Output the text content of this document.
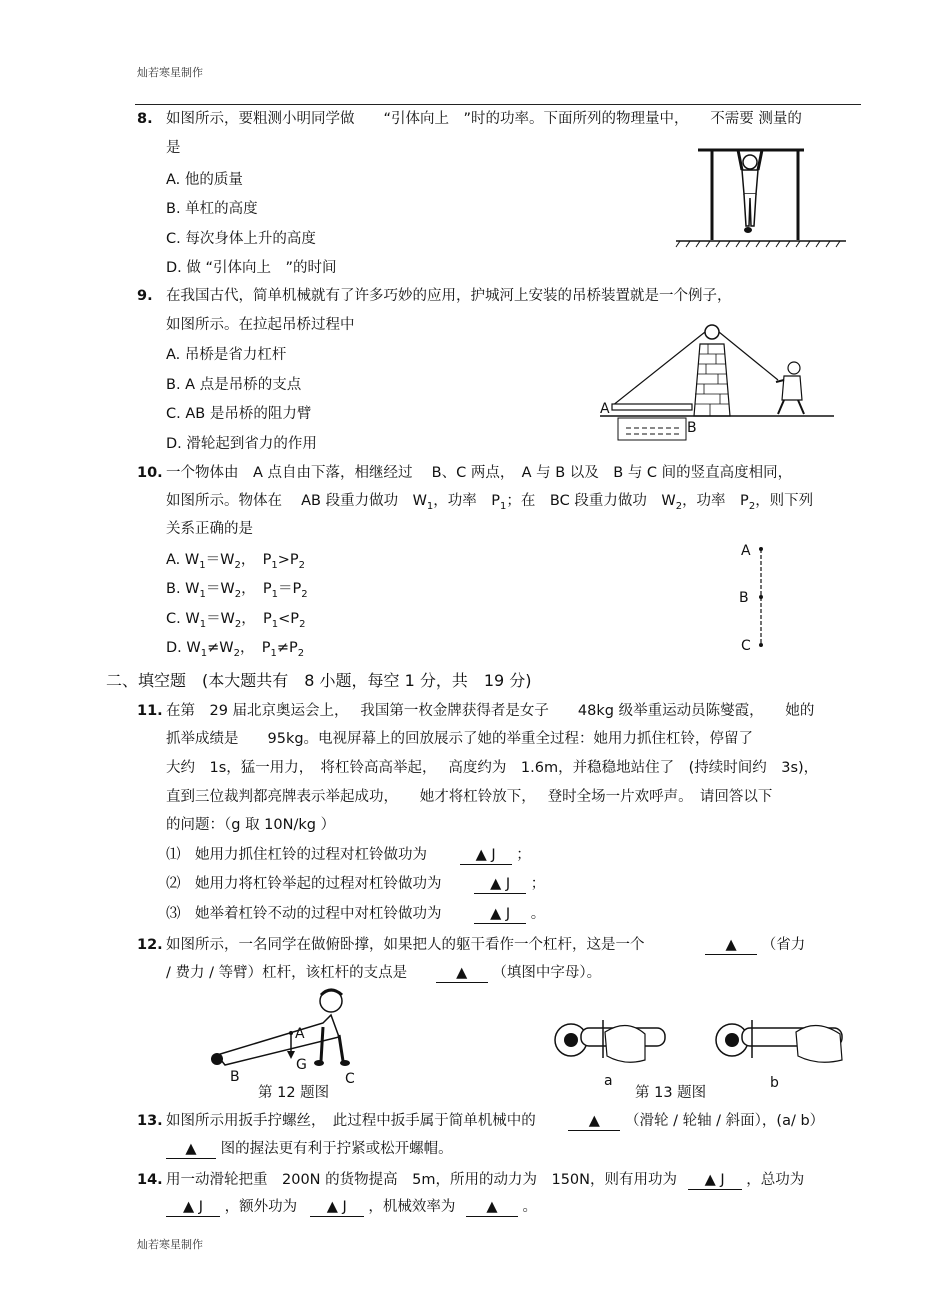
灿若寒星制作
8. 如图所示，要粗测小明同学做　　“引体向上　”时的功率。下面所列的物理量中，　　不需要 测量的
是
A. 他的质量
B. 单杠的高度
C. 每次身体上升的高度
D. 做 “引体向上　”的时间
9. 在我国古代，简单机械就有了许多巧妙的应用，护城河上安装的吊桥装置就是一个例子，
如图所示。在拉起吊桥过程中
A. 吊桥是省力杠杆
B. A 点是吊桥的支点
C. AB 是吊桥的阻力臂
D. 滑轮起到省力的作用
A
B
10. 一个物体由　A 点自由下落，相继经过　 B、C 两点，　A 与 B 以及　B 与 C 间的竖直高度相同，
如图所示。物体在　 AB 段重力做功　$W_1$，功率　$P_1$；在　BC 段重力做功　$W_2$，功率　$P_2$，则下列
关系正确的是
A. $W_1=W_2$，　$P_1>P_2$
B. $W_1=W_2$，　$P_1=P_2$
C. $W_1=W_2$，　$P_1<P_2$
D. $W_1\ne W_2$，　$P_1\ne P_2$
A
B
C
二、填空题　(本大题共有　8 小题，每空 1 分，共　19 分)
11. 在第　29 届北京奥运会上，　 我国第一枚金牌获得者是女子　　48kg 级举重运动员陈燮霞，　　她的
抓举成绩是　　95kg。电视屏幕上的回放展示了她的举重全过程：她用力抓住杠铃，停留了
大约　1s，猛一用力，　将杠铃高高举起，　 高度约为　1.6m，并稳稳地站住了　(持续时间约　3s)，
直到三位裁判都亮牌表示举起成功，　　她才将杠铃放下，　 登时全场一片欢呼声。　请回答以下
的问题：（g 取 10N/kg ）
⑴　她用力抓住杠铃的过程对杠铃做功为	▲ J ；
⑵　她用力将杠铃举起的过程对杠铃做功为	▲ J ；
⑶　她举着杠铃不动的过程中对杠铃做功为	▲ J 。
12. 如图所示，一名同学在做俯卧撑，如果把人的躯干看作一个杠杆，这是一个	▲ （省力
/ 费力 / 等臂）杠杆，该杠杆的支点是	▲ （填图中字母）。
A
G
B	C
第 12 题图
a	b
第 13 题图
13. 如图所示用扳手拧螺丝，　此过程中扳手属于简单机械中的	▲ （滑轮 / 轮轴 / 斜面），(a/ b）
▲ 图的握法更有利于拧紧或松开螺帽。
14. 用一动滑轮把重　200N 的货物提高　5m，所用的动力为　150N，则有用功为 ▲ J ，总功为
▲ J ，额外功为 ▲ J ，机械效率为 ▲ 。
灿若寒星制作
